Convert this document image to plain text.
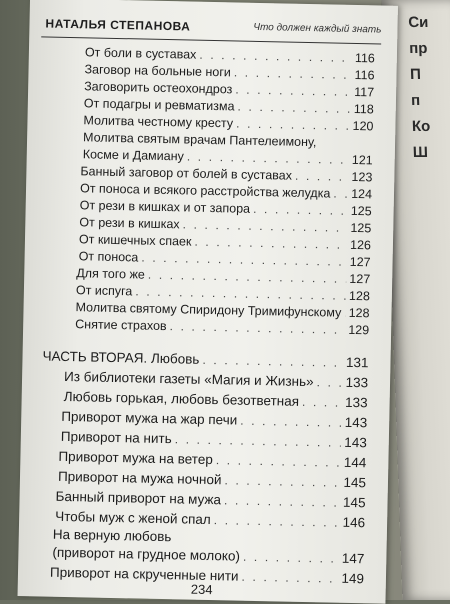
Си
пр
П
п
Ко
Ш
НАТАЛЬЯ СТЕПАНОВА	Что должен каждый знать
От боли в суставах . . .	116
Заговор на больные ноги . . .	116
Заговорить остеохондроз . . .	117
От подагры и ревматизма . . .	118
Молитва честному кресту . . .	120
Молитва святым врачам Пантелеимону,
Косме и Дамиану . . .	121
Банный заговор от болей в суставах . . .	123
От поноса и всякого расстройства желудка . . . 124
От рези в кишках и от запора . . .	125
От рези в кишках . . .	125
От кишечных спаек . . .	126
От поноса . . .	127
Для того же . . .	127
От испуга . . .	128
Молитва святому Спиридону Тримифунскому . . . 128
Снятие страхов . . .	129
ЧАСТЬ ВТОРАЯ. Любовь . . .	131
Из библиотеки газеты «Магия и Жизнь» . . . 133
Любовь горькая, любовь безответная . . .	133
Приворот мужа на жар печи . . .	143
Приворот на нить . . .	143
Приворот мужа на ветер . . .	144
Приворот на мужа ночной . . .	145
Банный приворот на мужа . . .	145
Чтобы муж с женой спал . . .	146
На верную любовь
(приворот на грудное молоко) . . .	147
Приворот на скрученные нити . . .	149
234
